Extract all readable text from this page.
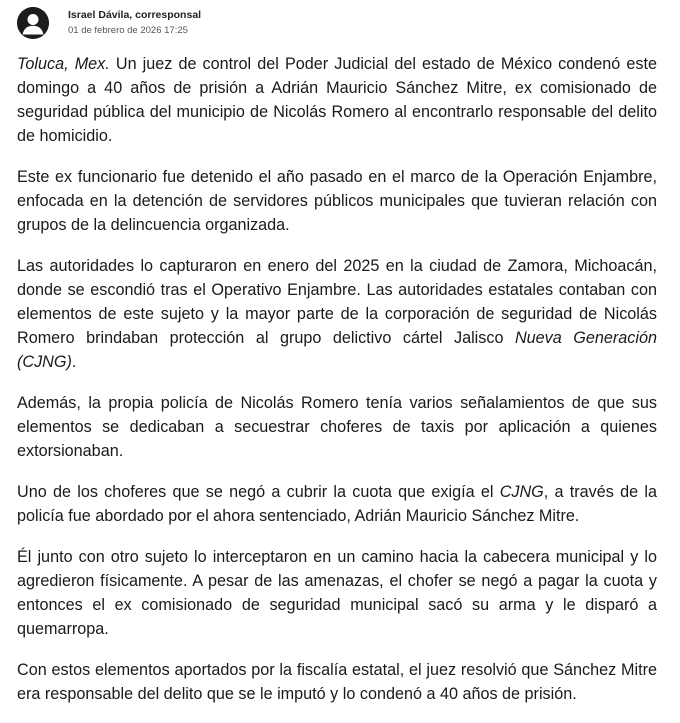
Israel Dávila, corresponsal
01 de febrero de 2026 17:25

Toluca, Mex. Un juez de control del Poder Judicial del estado de México condenó este domingo a 40 años de prisión a Adrián Mauricio Sánchez Mitre, ex comisionado de seguridad pública del municipio de Nicolás Romero al encontrarlo responsable del delito de homicidio.

Este ex funcionario fue detenido el año pasado en el marco de la Operación Enjambre, enfocada en la detención de servidores públicos municipales que tuvieran relación con grupos de la delincuencia organizada.

Las autoridades lo capturaron en enero del 2025 en la ciudad de Zamora, Michoacán, donde se escondió tras el Operativo Enjambre. Las autoridades estatales contaban con elementos de este sujeto y la mayor parte de la corporación de seguridad de Nicolás Romero brindaban protección al grupo delictivo cártel Jalisco Nueva Generación (CJNG).

Además, la propia policía de Nicolás Romero tenía varios señalamientos de que sus elementos se dedicaban a secuestrar choferes de taxis por aplicación a quienes extorsionaban.

Uno de los choferes que se negó a cubrir la cuota que exigía el CJNG, a través de la policía fue abordado por el ahora sentenciado, Adrián Mauricio Sánchez Mitre.

Él junto con otro sujeto lo interceptaron en un camino hacia la cabecera municipal y lo agredieron físicamente. A pesar de las amenazas, el chofer se negó a pagar la cuota y entonces el ex comisionado de seguridad municipal sacó su arma y le disparó a quemarropa.

Con estos elementos aportados por la fiscalía estatal, el juez resolvió que Sánchez Mitre era responsable del delito que se le imputó y lo condenó a 40 años de prisión.
